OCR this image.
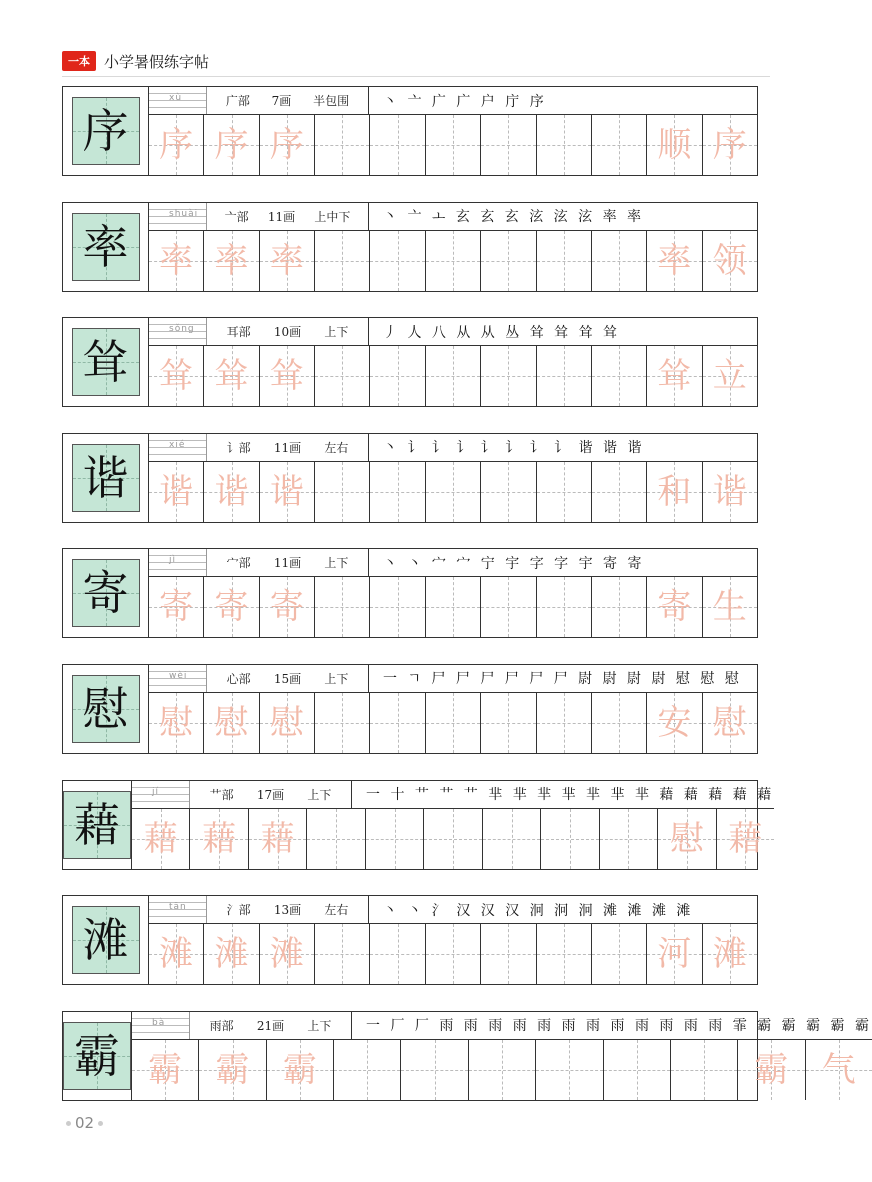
一本 小学暑假练字帖
序
xù	广部 7画 半包围	丶 亠 广 广 户 庁 序
序 序 序	顺 序
率
shuài 亠部 11画 上中下	丶 亠 ㅗ 玄 玄 玄 泫 泫 泫 率 率
率 率 率	率 领
耸
sǒng	耳部 10画 上下	丿 人 八 从 从 丛 耸 耸 耸 耸
耸 耸 耸	耸 立
谐
xié	讠部 11画 左右	丶 讠 讠 讠 讠 讠 讠 讠 谐 谐 谐
谐 谐 谐	和 谐
寄
jì	宀部 11画 上下	丶 丶 宀 宀 宁 宇 字 字 宇 寄 寄
寄 寄 寄	寄 生
慰
wèi	心部 15画 上下	一 ㄱ 尸 尸 尸 尸 尸 尸 尉 尉 尉 尉 慰 慰 慰
慰 慰 慰	安 慰
藉
jí	艹部 17画 上下	一 十 艹 艹 艹 芈 芈 芈 芈 芈 芈 芈 藉 藉 藉 藉 藉
藉 藉 藉	慰 藉
滩
tān	氵部 13画 左右	丶 丶 氵 汉 汉 汉 泂 泂 泂 滩 滩 滩 滩
滩 滩 滩	河 滩
霸
bà	雨部 21画 上下	一 厂 厂 雨 雨 雨 雨 雨 雨 雨 雨 雨 雨 雨 雨 霏 霸 霸 霸 霸 霸
霸 霸 霸	霸 气
02
